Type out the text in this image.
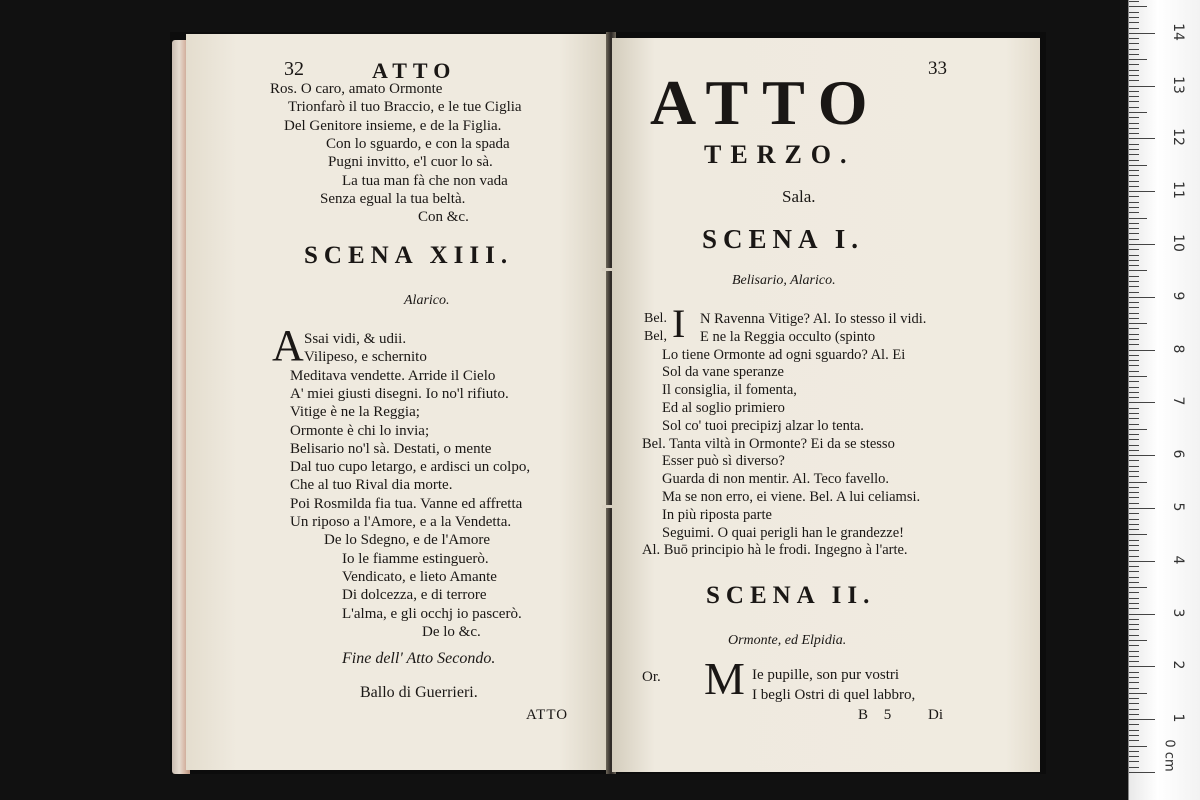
32	ATTO
Ros. O caro, amato Ormonte
Trionfarò il tuo Braccio, e le tue Ciglia
Del Genitore insieme, e de la Figlia.
Con lo sguardo, e con la spada
Pugni invitto, e'l cuor lo sà.
La tua man fà che non vada
Senza egual la tua beltà.
Con &c.
SCENA XIII.
Alarico.
A Ssai vidi, & udii.
Vilipeso, e schernito
Meditava vendette. Arride il Cielo
A' miei giusti disegni. Io no'l rifiuto.
Vitige è ne la Reggia;
Ormonte è chi lo invia;
Belisario no'l sà. Destati, o mente
Dal tuo cupo letargo, e ardisci un colpo,
Che al tuo Rival dia morte.
Poi Rosmilda fia tua. Vanne ed affretta
Un riposo a l'Amore, e a la Vendetta.
De lo Sdegno, e de l'Amore
Io le fiamme estinguerò.
Vendicato, e lieto Amante
Di dolcezza, e di terrore
L'alma, e gli occhj io pascerò.
De lo &c.
Fine dell' Atto Secondo.
Ballo di Guerrieri.
ATTO
33
ATTO
TERZO.
Sala.
SCENA I.
Belisario, Alarico.
Bel.
Bel, I N Ravenna Vitige? Al. Io stesso il vidi.
E ne la Reggia occulto (spinto
Lo tiene Ormonte ad ogni sguardo? Al. Ei
Sol da vane speranze
Il consiglia, il fomenta,
Ed al soglio primiero
Sol co' tuoi precipizj alzar lo tenta.
Bel. Tanta viltà in Ormonte? Ei da se stesso
Esser può sì diverso?
Guarda di non mentir. Al. Teco favello.
Ma se non erro, ei viene. Bel. A lui celiamsi.
In più riposta parte
Seguimi. O quai perigli han le grandezze!
Al. Buō principio hà le frodi. Ingegno à l'arte.
SCENA II.
Ormonte, ed Elpidia.
Or. M Ie pupille, son pur vostri
I begli Ostri di quel labbro,
B 5 Di
14
13
12
11
10
9
8
7
6
5
4
3
2
1
0 cm
